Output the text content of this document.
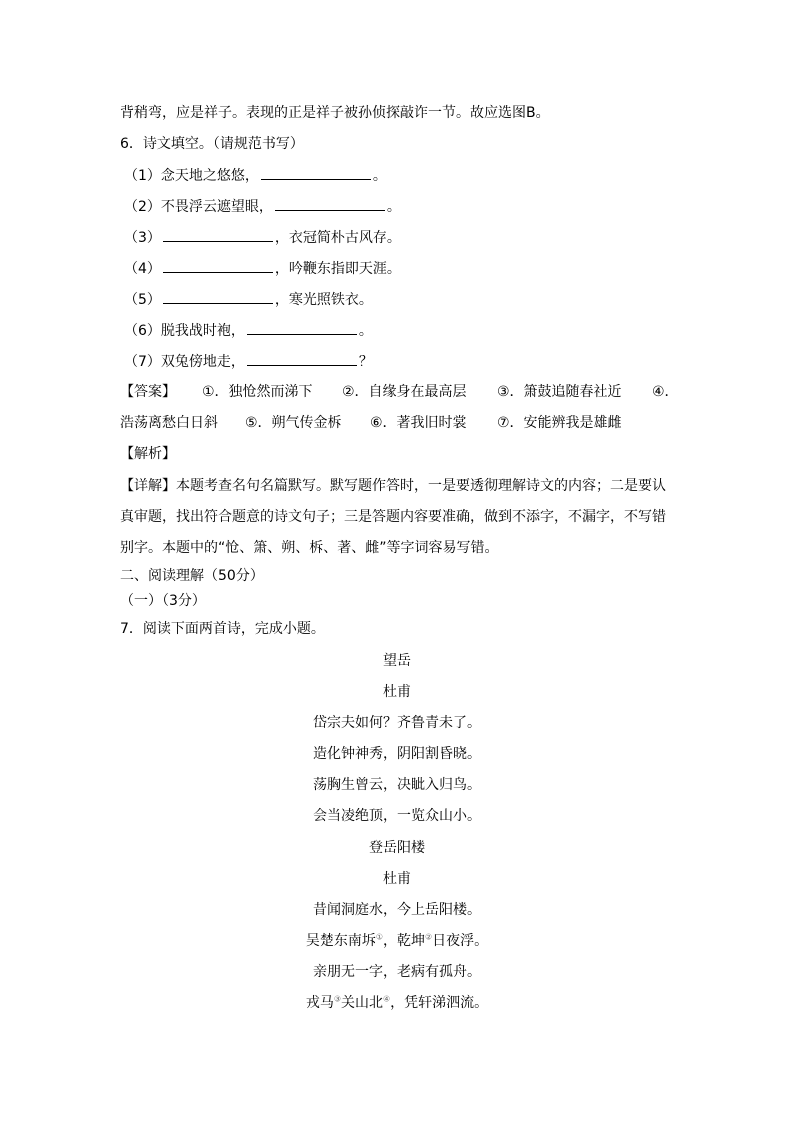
背稍弯，应是祥子。表现的正是祥子被孙侦探敲诈一节。故应选图B。
6．诗文填空。（请规范书写）
（1）念天地之悠悠，	。
（2）不畏浮云遮望眼，	。
（3）	，衣冠简朴古风存。
（4）	，吟鞭东指即天涯。
（5）	，寒光照铁衣。
（6）脱我战时袍，	。
（7）双兔傍地走，	？
【答案】 ①．独怆然而涕下 ②．自缘身在最高层 ③．箫鼓追随春社近 ④．
浩荡离愁白日斜 ⑤．朔气传金柝 ⑥．著我旧时裳 ⑦．安能辨我是雄雌
【解析】
【详解】本题考查名句名篇默写。默写题作答时，一是要透彻理解诗文的内容；二是要认
真审题，找出符合题意的诗文句子；三是答题内容要准确，做到不添字，不漏字，不写错
别字。本题中的“怆、箫、朔、柝、著、雌”等字词容易写错。
二、阅读理解（50分）
（一）（3分）
7．阅读下面两首诗，完成小题。
望岳
杜甫
岱宗夫如何？齐鲁青未了。
造化钟神秀，阴阳割昏晓。
荡胸生曾云，决眦入归鸟。
会当凌绝顶，一览众山小。
登岳阳楼
杜甫
昔闻洞庭水，今上岳阳楼。
吴楚东南坼①，乾坤②日夜浮。
亲朋无一字，老病有孤舟。
戎马③关山北④，凭轩涕泗流。
